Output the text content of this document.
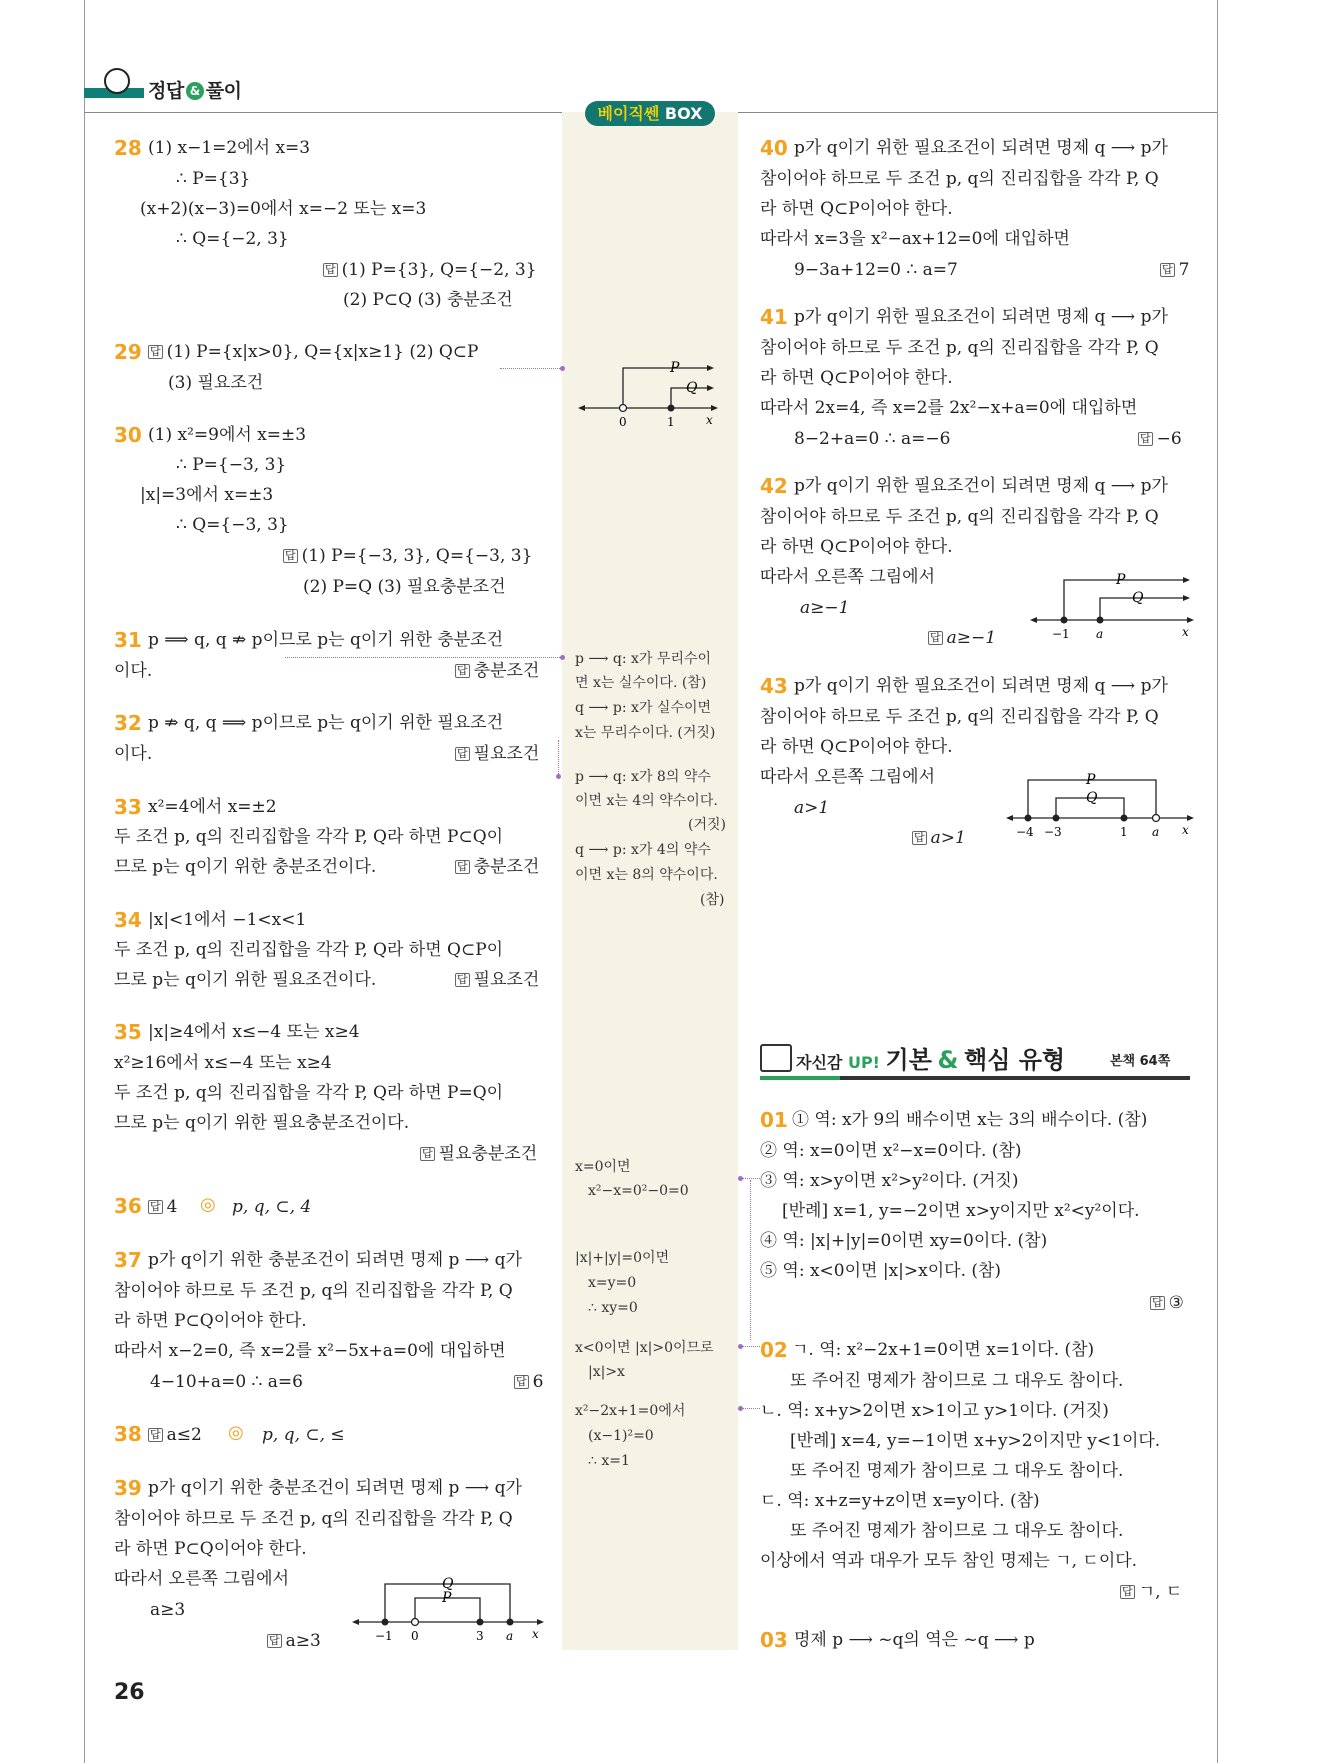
정답 & 풀이
베이직쎈 BOX
28 (1) x−1=2에서 x=3
∴ P={3}
(x+2)(x−3)=0에서 x=−2 또는 x=3
∴ Q={−2, 3}
답 (1) P={3}, Q={−2, 3}
(2) P⊂Q (3) 충분조건
29 답 (1) P={x|x>0}, Q={x|x≥1} (2) Q⊂P
(3) 필요조건
30 (1) x²=9에서 x=±3
∴ P={−3, 3}
|x|=3에서 x=±3
∴ Q={−3, 3}
답 (1) P={−3, 3}, Q={−3, 3}
(2) P=Q (3) 필요충분조건
31 p ⟹ q, q ⇏ p이므로 p는 q이기 위한 충분조건
이다.	답 충분조건
32 p ⇏ q, q ⟹ p이므로 p는 q이기 위한 필요조건
이다.	답 필요조건
33 x²=4에서 x=±2
두 조건 p, q의 진리집합을 각각 P, Q라 하면 P⊂Q이
므로 p는 q이기 위한 충분조건이다.	답 충분조건
34 |x|<1에서 −1<x<1
두 조건 p, q의 진리집합을 각각 P, Q라 하면 Q⊂P이
므로 p는 q이기 위한 필요조건이다.	답 필요조건
35 |x|≥4에서 x≤−4 또는 x≥4
x²≥16에서 x≤−4 또는 x≥4
두 조건 p, q의 진리집합을 각각 P, Q라 하면 P=Q이
므로 p는 q이기 위한 필요충분조건이다.
답 필요충분조건
36 답 4 ◎ p, q, ⊂, 4
37 p가 q이기 위한 충분조건이 되려면 명제 p ⟶ q가
참이어야 하므로 두 조건 p, q의 진리집합을 각각 P, Q
라 하면 P⊂Q이어야 한다.
따라서 x−2=0, 즉 x=2를 x²−5x+a=0에 대입하면
4−10+a=0 ∴ a=6	답 6
38 답 a≤2 ◎ p, q, ⊂, ≤
39 p가 q이기 위한 충분조건이 되려면 명제 p ⟶ q가
참이어야 하므로 두 조건 p, q의 진리집합을 각각 P, Q
라 하면 P⊂Q이어야 한다.
따라서 오른쪽 그림에서
a≥3
답 a≥3
p ⟶ q: x가 무리수이
면 x는 실수이다. (참)
q ⟶ p: x가 실수이면
x는 무리수이다. (거짓)
p ⟶ q: x가 8의 약수
이면 x는 4의 약수이다.
(거짓)
q ⟶ p: x가 4의 약수
이면 x는 8의 약수이다.
(참)
x=0이면
x²−x=0²−0=0
|x|+|y|=0이면
x=y=0
∴ xy=0
x<0이면 |x|>0이므로
|x|>x
x²−2x+1=0에서
(x−1)²=0
∴ x=1
40 p가 q이기 위한 필요조건이 되려면 명제 q ⟶ p가
참이어야 하므로 두 조건 p, q의 진리집합을 각각 P, Q
라 하면 Q⊂P이어야 한다.
따라서 x=3을 x²−ax+12=0에 대입하면
9−3a+12=0 ∴ a=7	답 7
41 p가 q이기 위한 필요조건이 되려면 명제 q ⟶ p가
참이어야 하므로 두 조건 p, q의 진리집합을 각각 P, Q
라 하면 Q⊂P이어야 한다.
따라서 2x=4, 즉 x=2를 2x²−x+a=0에 대입하면
8−2+a=0 ∴ a=−6	답 −6
42 p가 q이기 위한 필요조건이 되려면 명제 q ⟶ p가
참이어야 하므로 두 조건 p, q의 진리집합을 각각 P, Q
라 하면 Q⊂P이어야 한다.
따라서 오른쪽 그림에서
a≥−1
답 a≥−1
43 p가 q이기 위한 필요조건이 되려면 명제 q ⟶ p가
참이어야 하므로 두 조건 p, q의 진리집합을 각각 P, Q
라 하면 Q⊂P이어야 한다.
따라서 오른쪽 그림에서
a>1
답 a>1
자신감 UP! 기본 & 핵심 유형	본책 64쪽
01 ① 역: x가 9의 배수이면 x는 3의 배수이다. (참)
② 역: x=0이면 x²−x=0이다. (참)
③ 역: x>y이면 x²>y²이다. (거짓)
[반례] x=1, y=−2이면 x>y이지만 x²<y²이다.
④ 역: |x|+|y|=0이면 xy=0이다. (참)
⑤ 역: x<0이면 |x|>x이다. (참)
답 ③
02 ㄱ. 역: x²−2x+1=0이면 x=1이다. (참)
또 주어진 명제가 참이므로 그 대우도 참이다.
ㄴ. 역: x+y>2이면 x>1이고 y>1이다. (거짓)
[반례] x=4, y=−1이면 x+y>2이지만 y<1이다.
또 주어진 명제가 참이므로 그 대우도 참이다.
ㄷ. 역: x+z=y+z이면 x=y이다. (참)
또 주어진 명제가 참이므로 그 대우도 참이다.
이상에서 역과 대우가 모두 참인 명제는 ㄱ, ㄷ이다.
답 ㄱ, ㄷ
03 명제 p ⟶ ~q의 역은 ~q ⟶ p
26
P
Q
0	1	x
Q
P
−1 0	3 a x
P
Q
−1 a	x
P
Q
−4 −3	1 a x
